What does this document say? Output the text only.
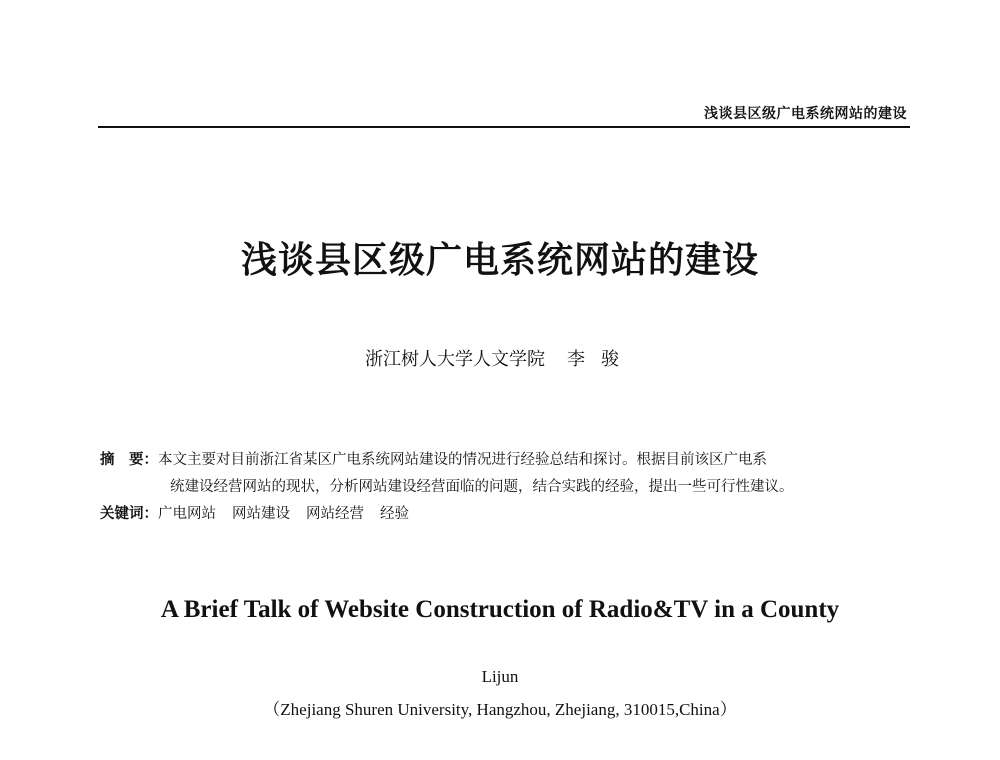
浅谈县区级广电系统网站的建设
浅谈县区级广电系统网站的建设
浙江树人大学人文学院 李骏
摘　要：本文主要对目前浙江省某区广电系统网站建设的情况进行经验总结和探讨。根据目前该区广电系
统建设经营网站的现状，分析网站建设经营面临的问题，结合实践的经验，提出一些可行性建议。
关键词：广电网站 网站建设 网站经营 经验
A Brief Talk of Website Construction of Radio&TV in a County
Lijun
（Zhejiang Shuren University, Hangzhou, Zhejiang, 310015,China）
